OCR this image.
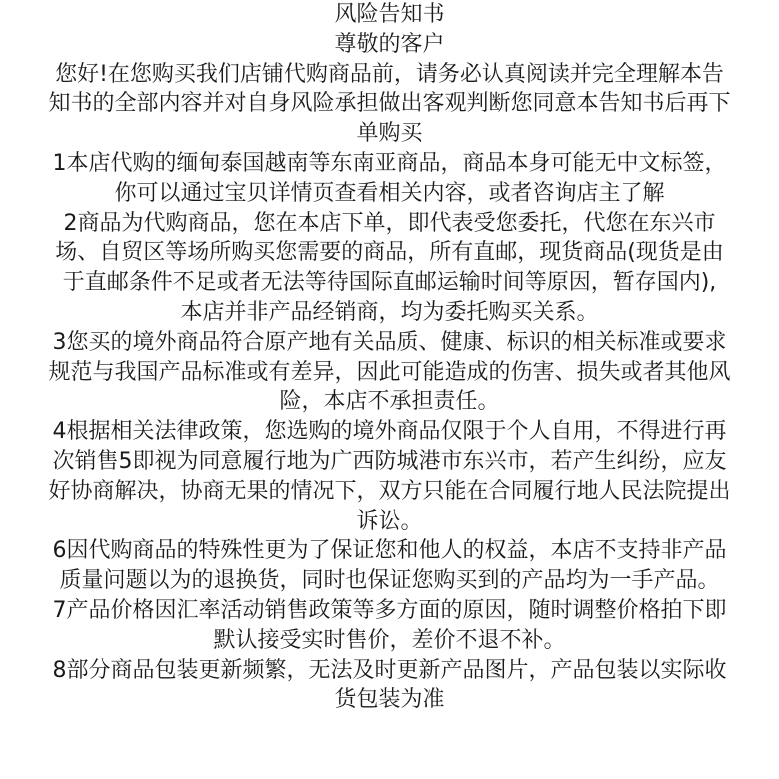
风险告知书
尊敬的客户
您好!在您购买我们店铺代购商品前，请务必认真阅读并完全理解本告
知书的全部内容并对自身风险承担做出客观判断您同意本告知书后再下
单购买
1本店代购的缅甸泰国越南等东南亚商品，商品本身可能无中文标签，
你可以通过宝贝详情页查看相关内容，或者咨询店主了解
2商品为代购商品，您在本店下单，即代表受您委托，代您在东兴市
场、自贸区等场所购买您需要的商品，所有直邮，现货商品(现货是由
于直邮条件不足或者无法等待国际直邮运输时间等原因，暂存国内),
本店并非产品经销商，均为委托购买关系。
3您买的境外商品符合原产地有关品质、健康、标识的相关标准或要求
规范与我国产品标准或有差异，因此可能造成的伤害、损失或者其他风
险，本店不承担责任。
4根据相关法律政策，您选购的境外商品仅限于个人自用，不得进行再
次销售5即视为同意履行地为广西防城港市东兴市，若产生纠纷，应友
好协商解决，协商无果的情况下，双方只能在合同履行地人民法院提出
诉讼。
6因代购商品的特殊性更为了保证您和他人的权益，本店不支持非产品
质量问题以为的退换货，同时也保证您购买到的产品均为一手产品。
7产品价格因汇率活动销售政策等多方面的原因，随时调整价格拍下即
默认接受实时售价，差价不退不补。
8部分商品包装更新频繁，无法及时更新产品图片，产品包装以实际收
货包装为准
